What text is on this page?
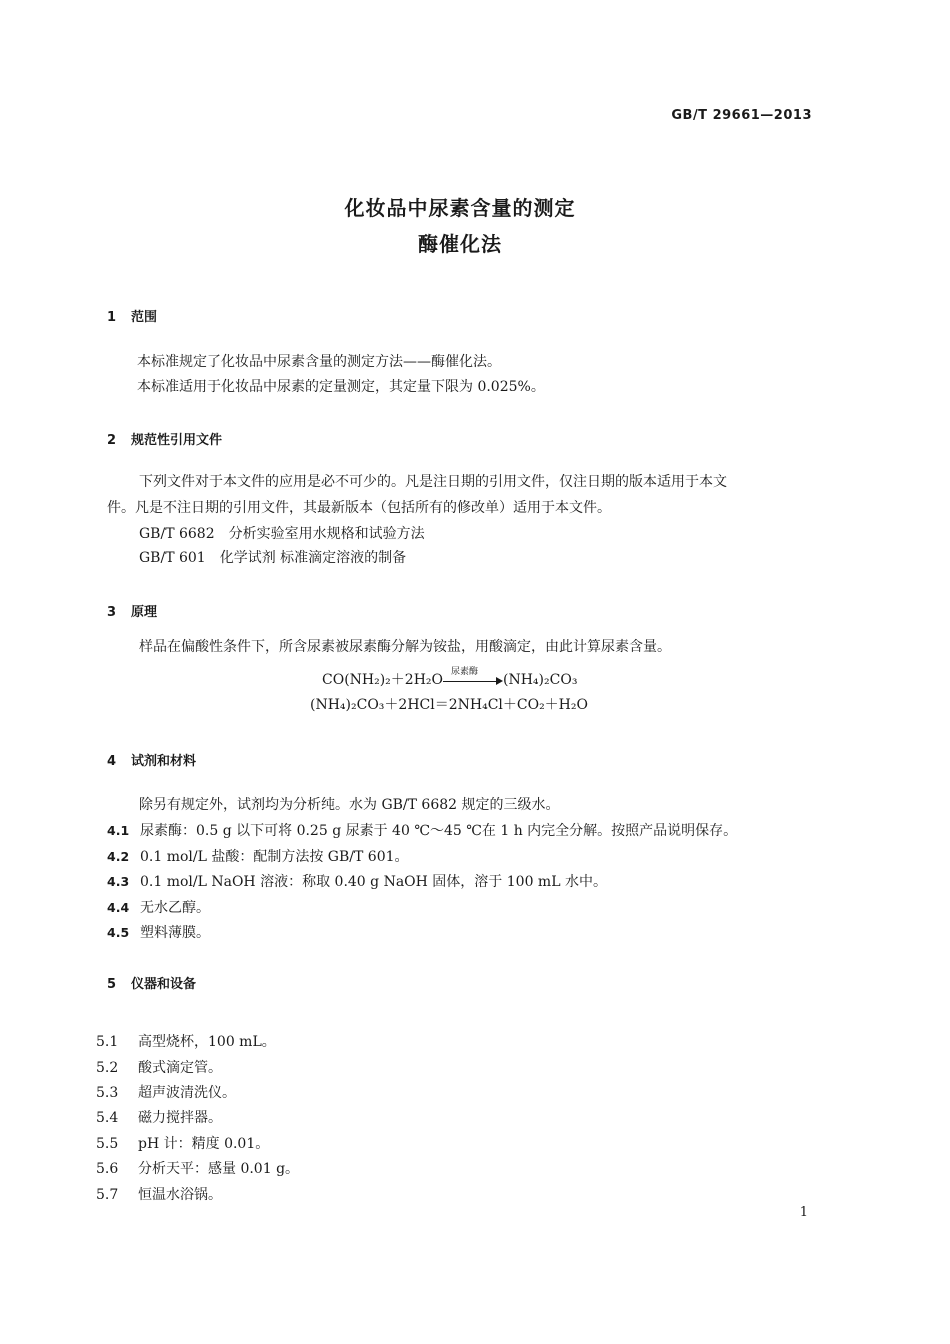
GB/T 29661—2013
化妆品中尿素含量的测定
酶催化法
1 范围
本标准规定了化妆品中尿素含量的测定方法——酶催化法。
本标准适用于化妆品中尿素的定量测定，其定量下限为 0.025%。
2 规范性引用文件
下列文件对于本文件的应用是必不可少的。凡是注日期的引用文件，仅注日期的版本适用于本文
件。凡是不注日期的引用文件，其最新版本（包括所有的修改单）适用于本文件。
GB/T 6682　分析实验室用水规格和试验方法
GB/T 601　化学试剂 标准滴定溶液的制备
3 原理
样品在偏酸性条件下，所含尿素被尿素酶分解为铵盐，用酸滴定，由此计算尿素含量。
CO(NH₂)₂＋2H₂O 尿素酶 (NH₄)₂CO₃
(NH₄)₂CO₃＋2HCl＝2NH₄Cl＋CO₂＋H₂O
4 试剂和材料
除另有规定外，试剂均为分析纯。水为 GB/T 6682 规定的三级水。
4.1 尿素酶：0.5 g 以下可将 0.25 g 尿素于 40 ℃～45 ℃在 1 h 内完全分解。按照产品说明保存。
4.2 0.1 mol/L 盐酸：配制方法按 GB/T 601。
4.3 0.1 mol/L NaOH 溶液：称取 0.40 g NaOH 固体，溶于 100 mL 水中。
4.4 无水乙醇。
4.5 塑料薄膜。
5 仪器和设备
5.1 高型烧杯，100 mL。
5.2 酸式滴定管。
5.3 超声波清洗仪。
5.4 磁力搅拌器。
5.5 pH 计：精度 0.01。
5.6 分析天平：感量 0.01 g。
5.7 恒温水浴锅。
1
